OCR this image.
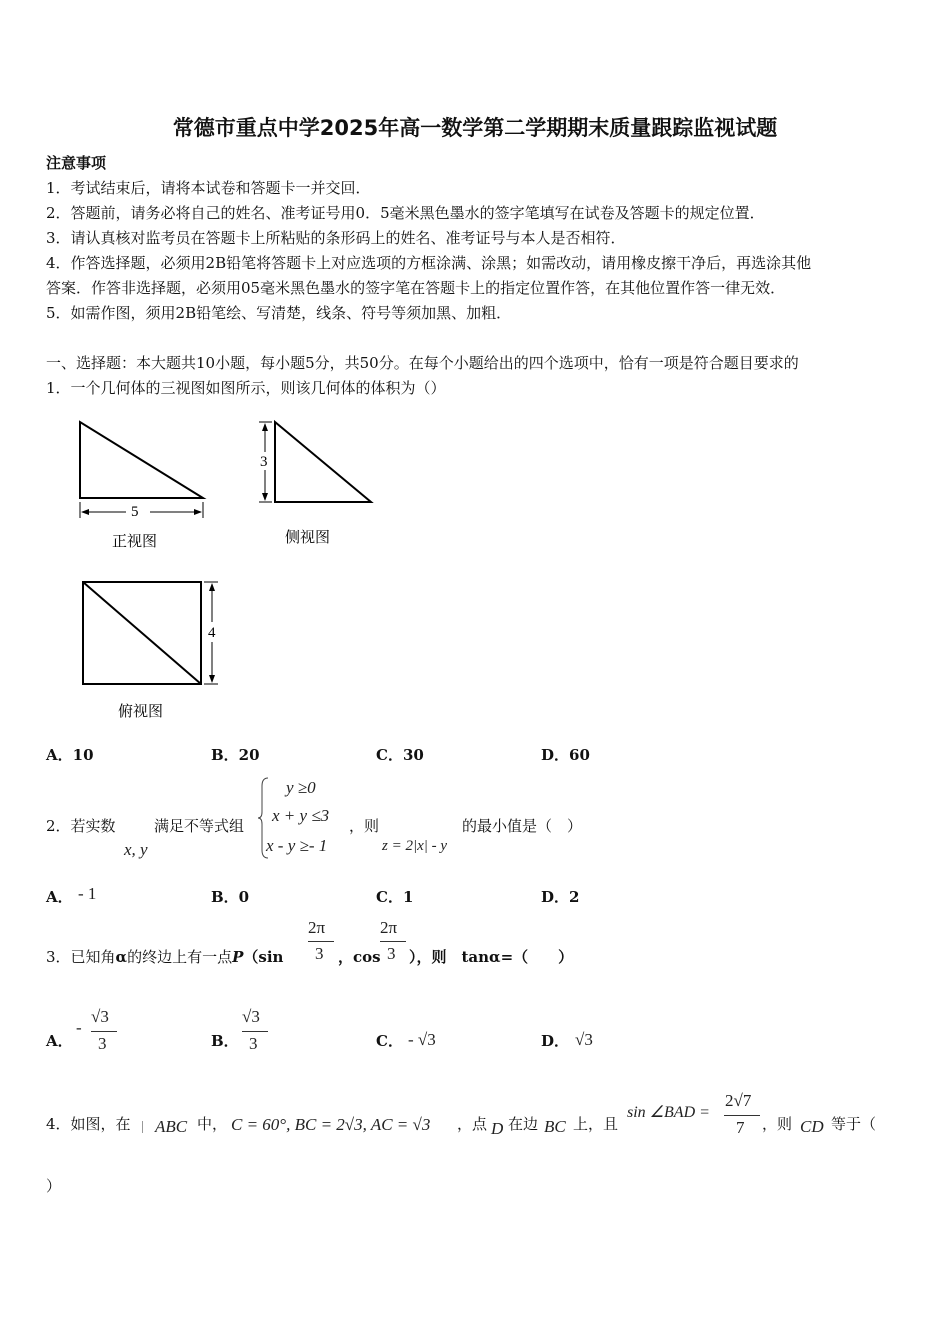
常德市重点中学2025年高一数学第二学期期末质量跟踪监视试题
注意事项
1．考试结束后，请将本试卷和答题卡一并交回．
2．答题前，请务必将自己的姓名、准考证号用0．5毫米黑色墨水的签字笔填写在试卷及答题卡的规定位置．
3．请认真核对监考员在答题卡上所粘贴的条形码上的姓名、准考证号与本人是否相符．
4．作答选择题，必须用2B铅笔将答题卡上对应选项的方框涂满、涂黑；如需改动，请用橡皮擦干净后，再选涂其他
答案．作答非选择题，必须用05毫米黑色墨水的签字笔在答题卡上的指定位置作答，在其他位置作答一律无效．
5．如需作图，须用2B铅笔绘、写清楚，线条、符号等须加黑、加粗．
一、选择题：本大题共10小题，每小题5分，共50分。在每个小题给出的四个选项中，恰有一项是符合题目要求的
1．一个几何体的三视图如图所示，则该几何体的体积为（）
5
正视图
3
侧视图
4
俯视图
A．10	B．20	C．30	D．60
2．若实数
x, y
满足不等式组
y ≥0
x + y ≤3
x - y ≥- 1
，则
z = 2|x| - y
的最小值是（　）
A． - 1	B．0	C．1	D．2
3．已知角α的终边上有一点P（sin
2π
3 ，cos
2π
3 ），则　tanα=（　　）
A．
-
√3
3	B．
√3
3	C． - √3	D． √3
4．如图，在 ABC 中， C = 60°, BC = 2√3, AC = √3 ，点 D 在边 BC 上，且
sin ∠BAD =
2√7
7 ，则 CD 等于（
）
